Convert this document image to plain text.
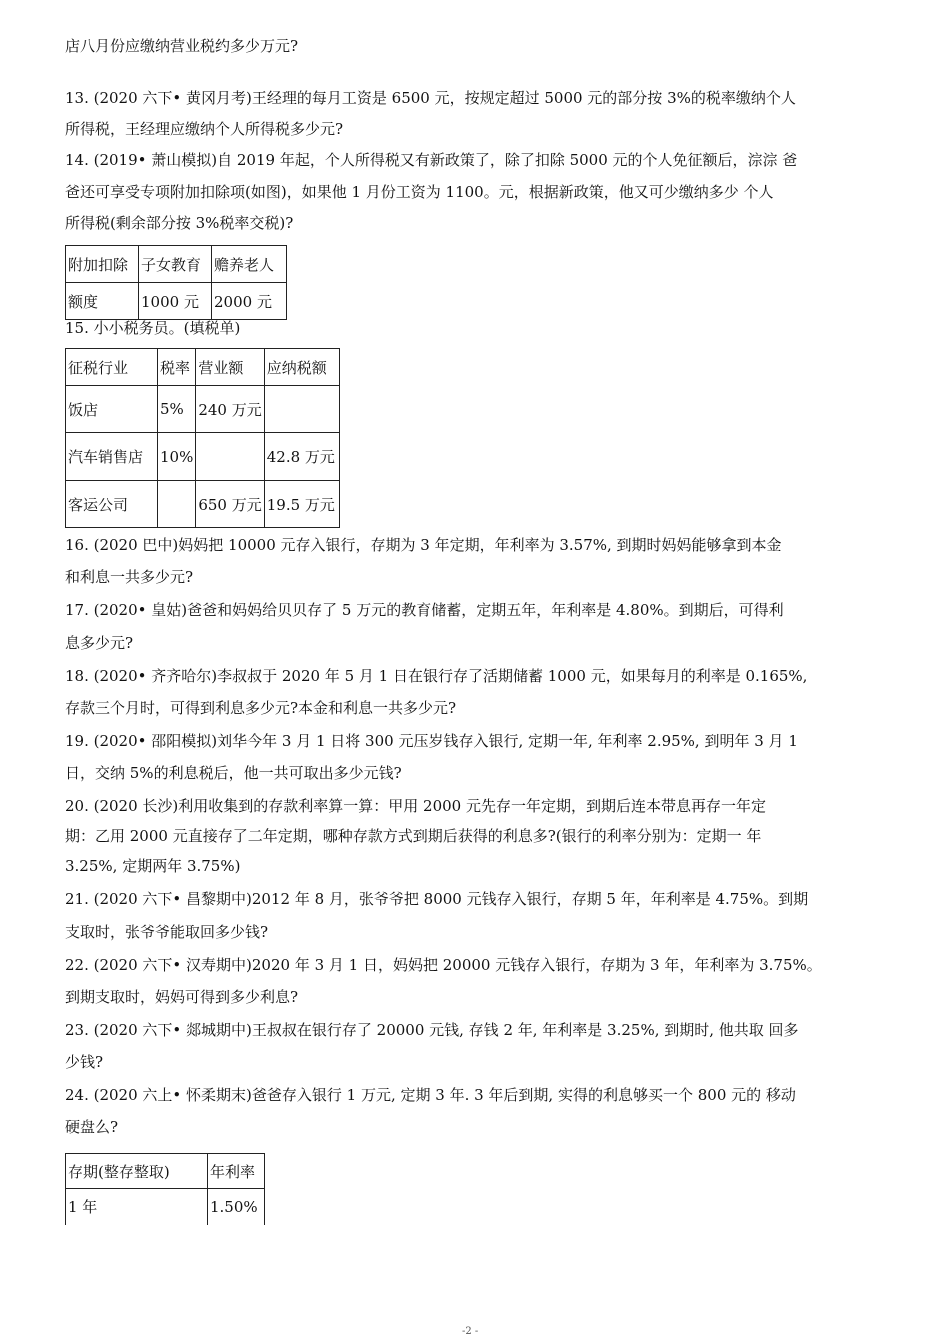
店八月份应缴纳营业税约多少万元?
13. (2020 六下• 黄冈月考)王经理的每月工资是 6500 元，按规定超过 5000 元的部分按 3%的税率缴纳个人
所得税，王经理应缴纳个人所得税多少元?
14. (2019• 萧山模拟)自 2019 年起，个人所得税又有新政策了，除了扣除 5000 元的个人免征额后，淙淙 爸
爸还可享受专项附加扣除项(如图)，如果他 1 月份工资为 1100。元，根据新政策，他又可少缴纳多少 个人
所得税(剩余部分按 3%税率交税)?
附加扣除	子女教育	赡养老人
额度	1000 元	2000 元
15. 小小税务员。(填税单)
征税行业	税率	营业额	应纳税额
饭店	5%	240 万元	
汽车销售店	10%		42.8 万元
客运公司		650 万元	19.5 万元
16. (2020 巴中)妈妈把 10000 元存入银行，存期为 3 年定期，年利率为 3.57%, 到期时妈妈能够拿到本金
和利息一共多少元?
17. (2020• 皇姑)爸爸和妈妈给贝贝存了 5 万元的教育储蓄，定期五年，年利率是 4.80%。到期后，可得利
息多少元?
18. (2020• 齐齐哈尔)李叔叔于 2020 年 5 月 1 日在银行存了活期储蓄 1000 元，如果每月的利率是 0.165%,
存款三个月时，可得到利息多少元?本金和利息一共多少元?
19. (2020• 邵阳模拟)刘华今年 3 月 1 日将 300 元压岁钱存入银行, 定期一年, 年利率 2.95%, 到明年 3 月 1
日，交纳 5%的利息税后，他一共可取出多少元钱?
20. (2020 长沙)利用收集到的存款利率算一算：甲用 2000 元先存一年定期，到期后连本带息再存一年定
期：乙用 2000 元直接存了二年定期，哪种存款方式到期后获得的利息多?(银行的利率分别为：定期一 年
3.25%, 定期两年 3.75%)
21. (2020 六下• 昌黎期中)2012 年 8 月，张爷爷把 8000 元钱存入银行，存期 5 年，年利率是 4.75%。到期
支取时，张爷爷能取回多少钱?
22. (2020 六下• 汉寿期中)2020 年 3 月 1 日，妈妈把 20000 元钱存入银行，存期为 3 年，年利率为 3.75%。
到期支取时，妈妈可得到多少利息?
23. (2020 六下• 郯城期中)王叔叔在银行存了 20000 元钱, 存钱 2 年, 年利率是 3.25%, 到期时, 他共取 回多
少钱?
24. (2020 六上• 怀柔期末)爸爸存入银行 1 万元, 定期 3 年. 3 年后到期, 实得的利息够买一个 800 元的 移动
硬盘么?
存期(整存整取)	年利率
1 年	1.50%
-2 -
